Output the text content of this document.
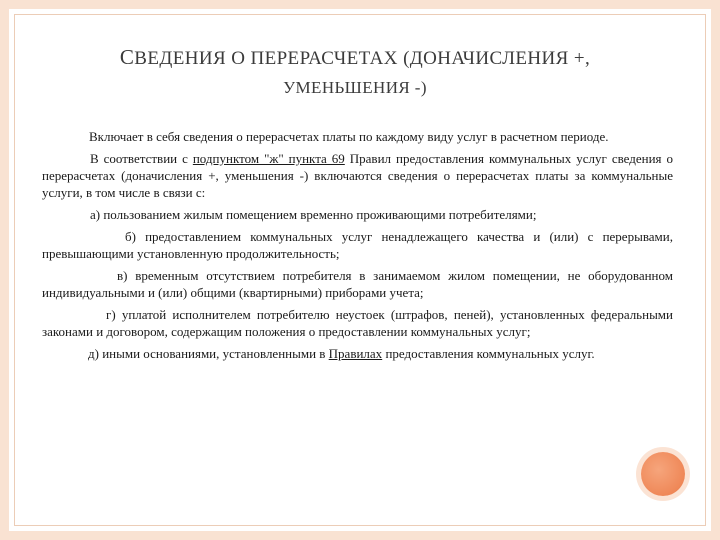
СВЕДЕНИЯ О ПЕРЕРАСЧЕТАХ (ДОНАЧИСЛЕНИЯ +,
УМЕНЬШЕНИЯ -)

Включает в себя сведения о перерасчетах платы по каждому виду услуг в расчетном периоде.

В соответствии с подпунктом "ж" пункта 69 Правил предоставления коммунальных услуг сведения о перерасчетах (доначисления +, уменьшения -) включаются сведения о перерасчетах платы за коммунальные услуги, в том числе в связи с:

а) пользованием жилым помещением временно проживающими потребителями;

б) предоставлением коммунальных услуг ненадлежащего качества и (или) с перерывами, превышающими установленную продолжительность;

в) временным отсутствием потребителя в занимаемом жилом помещении, не оборудованном индивидуальными и (или) общими (квартирными) приборами учета;

г) уплатой исполнителем потребителю неустоек (штрафов, пеней), установленных федеральными законами и договором, содержащим положения о предоставлении коммунальных услуг;

д) иными основаниями, установленными в Правилах предоставления коммунальных услуг.
